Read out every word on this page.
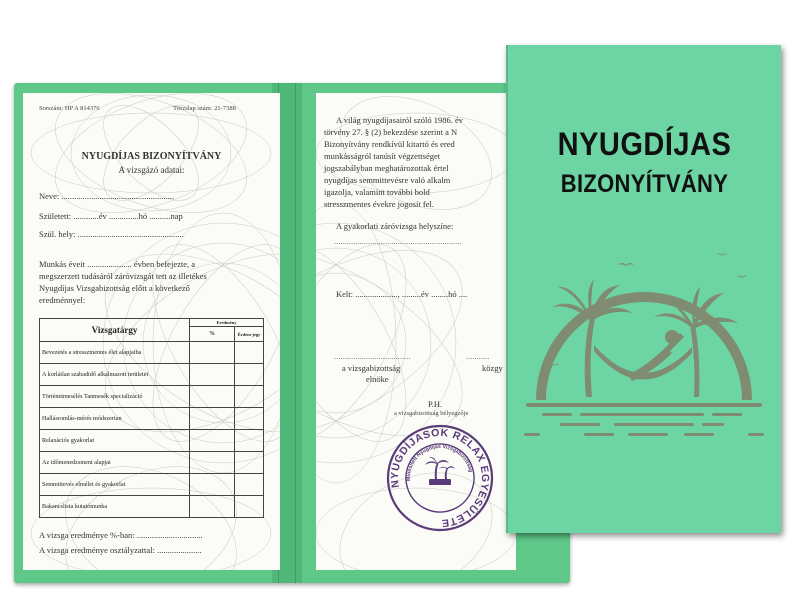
Sorszám: HP A 814376	Törzslap szám: 21-7388
NYUGDÍJAS BIZONYÍTVÁNY
A vizsgázó adatai:
Neve: .....................................................
Született: ............év ..............hó ..........nap
Szül. hely: ..................................................
Munkás éveit ..................... évben befejezte, a
megszerzett tudásáról záróvizsgát tett az illetékes
Nyugdíjas Vizsgabizottság előtt a következő
eredménnyel:
Vizsgatárgy	Eredmény	
	%	Érdem-jegy
Bevezetés a stresszmentes élet alapjaiba		
A korlátlan szabadidő alkalmazott területei		
Történetmesélés Tanmesék specializáció		
Hallásromlás-mérés módszertan		
Relaxációs gyakorlat		
Az időmenedzsment alapjai		
Semmittevés elmélet és gyakorlat		
Bakancslista kutatómunka		
A vizsga eredménye %-ban: ...............................
A vizsga eredménye osztályzattal: .....................
A világ nyugdíjasairól szóló 1986. év
törvény 27. § (2) bekezdése szerint a N
Bizonyítvány rendkívül kitartó és ered
munkásságról tanúsít végzettséget
jogszabályban meghatározottak értel
nyugdíjas semmittevésre való alkalm
igazolja, valamint további bold
stresszmentes évekre jogosít fel.
A gyakorlati záróvizsga helyszíne:
............................................................
Kelt: ...................., .........év ........hó ....
....................................	...........
a vizsgabizottság
elnöke
közgy
P.H.
a vizsgabizottság bélyegzője
NYUGDÍJASOK RELAX EGYESÜLETE
Minősített Nyugdíjas Vizsgabizottság
NYUGDÍJAS
BIZONYÍTVÁNY
